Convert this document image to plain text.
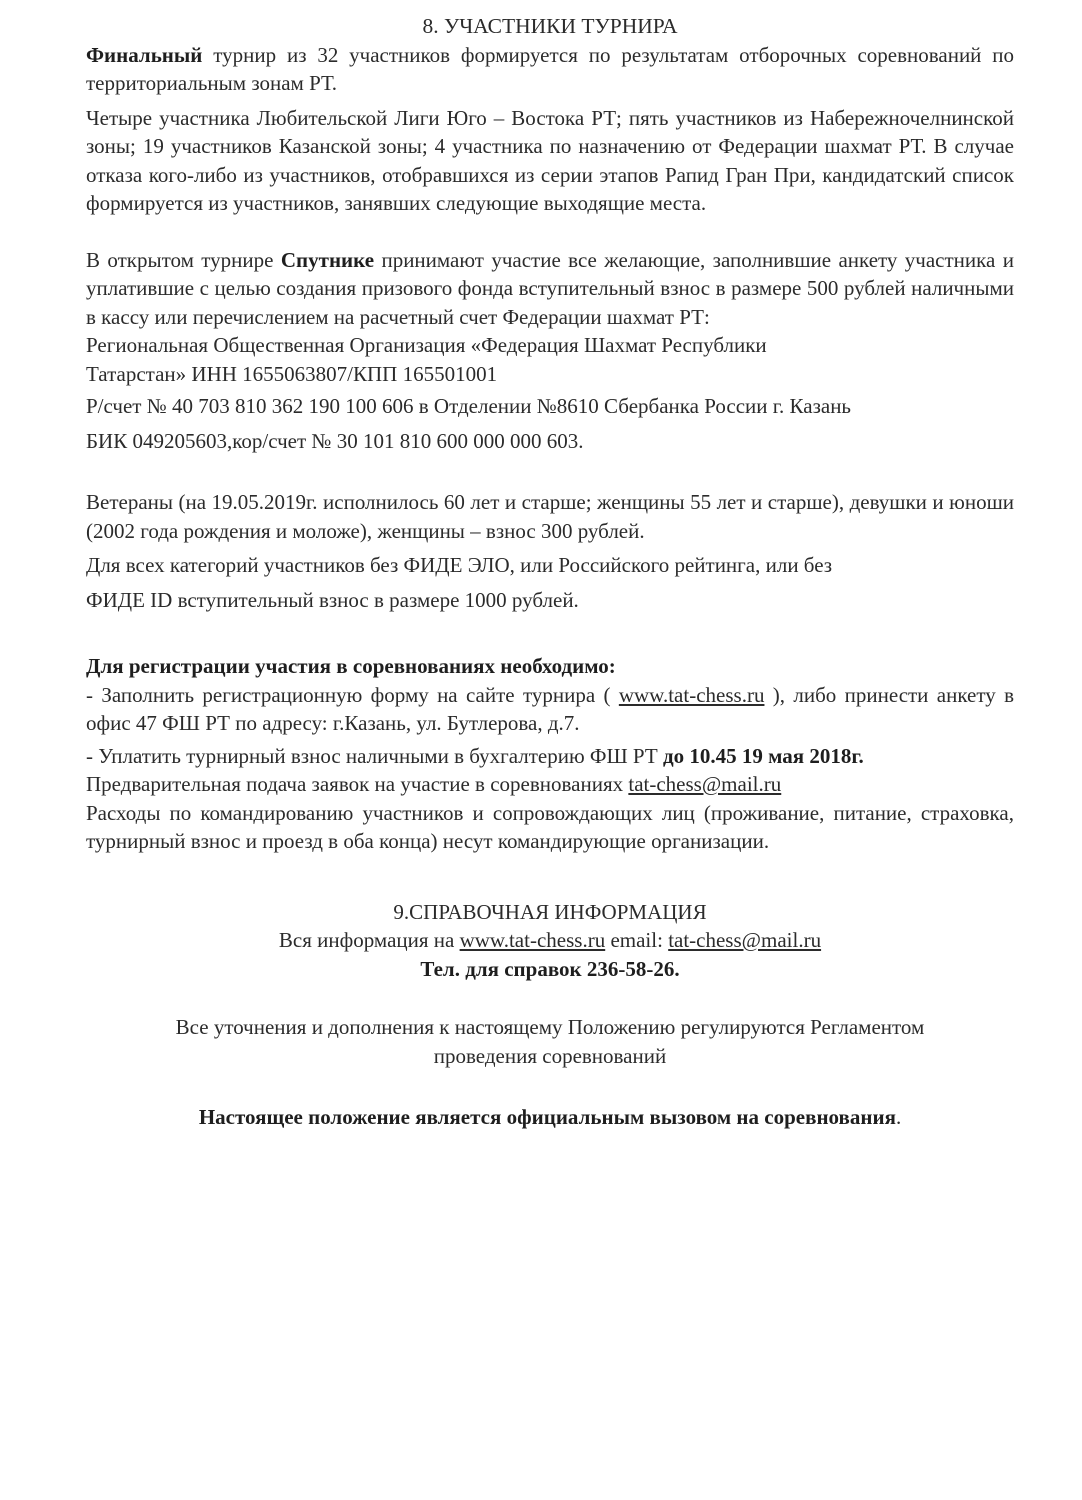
8. УЧАСТНИКИ ТУРНИРА

Финальный турнир из 32 участников формируется по результатам отборочных соревнований по территориальным зонам РТ.

Четыре участника Любительской Лиги Юго – Востока РТ; пять участников из Набережночелнинской зоны; 19 участников Казанской зоны; 4 участника по назначению от Федерации шахмат РТ. В случае отказа кого-либо из участников, отобравшихся из серии этапов Рапид Гран При, кандидатский список формируется из участников, занявших следующие выходящие места.

В открытом турнире Спутнике принимают участие все желающие, заполнившие анкету участника и уплатившие с целью создания призового фонда вступительный взнос в размере 500 рублей наличными в кассу или перечислением на расчетный счет Федерации шахмат РТ:

Региональная Общественная Организация «Федерация Шахмат Республики
Татарстан» ИНН 1655063807/КПП 165501001

Р/счет № 40 703 810 362 190 100 606 в Отделении №8610 Сбербанка России г. Казань

БИК 049205603,кор/счет № 30 101 810 600 000 000 603.

Ветераны (на 19.05.2019г. исполнилось 60 лет и старше; женщины 55 лет и старше), девушки и юноши (2002 года рождения и моложе), женщины – взнос 300 рублей.

Для всех категорий участников без ФИДЕ ЭЛО, или Российского рейтинга, или без
ФИДЕ ID вступительный взнос в размере 1000 рублей.

Для регистрации участия в соревнованиях необходимо:

- Заполнить регистрационную форму на сайте турнира ( www.tat-chess.ru ), либо принести анкету в офис 47 ФШ РТ по адресу: г.Казань, ул. Бутлерова, д.7.

- Уплатить турнирный взнос наличными в бухгалтерию ФШ РТ до 10.45 19 мая 2018г.

Предварительная подача заявок на участие в соревнованиях tat-chess@mail.ru

Расходы по командированию участников и сопровождающих лиц (проживание, питание, страховка, турнирный взнос и проезд в оба конца) несут командирующие организации.

9.СПРАВОЧНАЯ ИНФОРМАЦИЯ

Вся информация на www.tat-chess.ru email: tat-chess@mail.ru

Тел. для справок 236-58-26.

Все уточнения и дополнения к настоящему Положению регулируются Регламентом
проведения соревнований

Настоящее положение является официальным вызовом на соревнования.
